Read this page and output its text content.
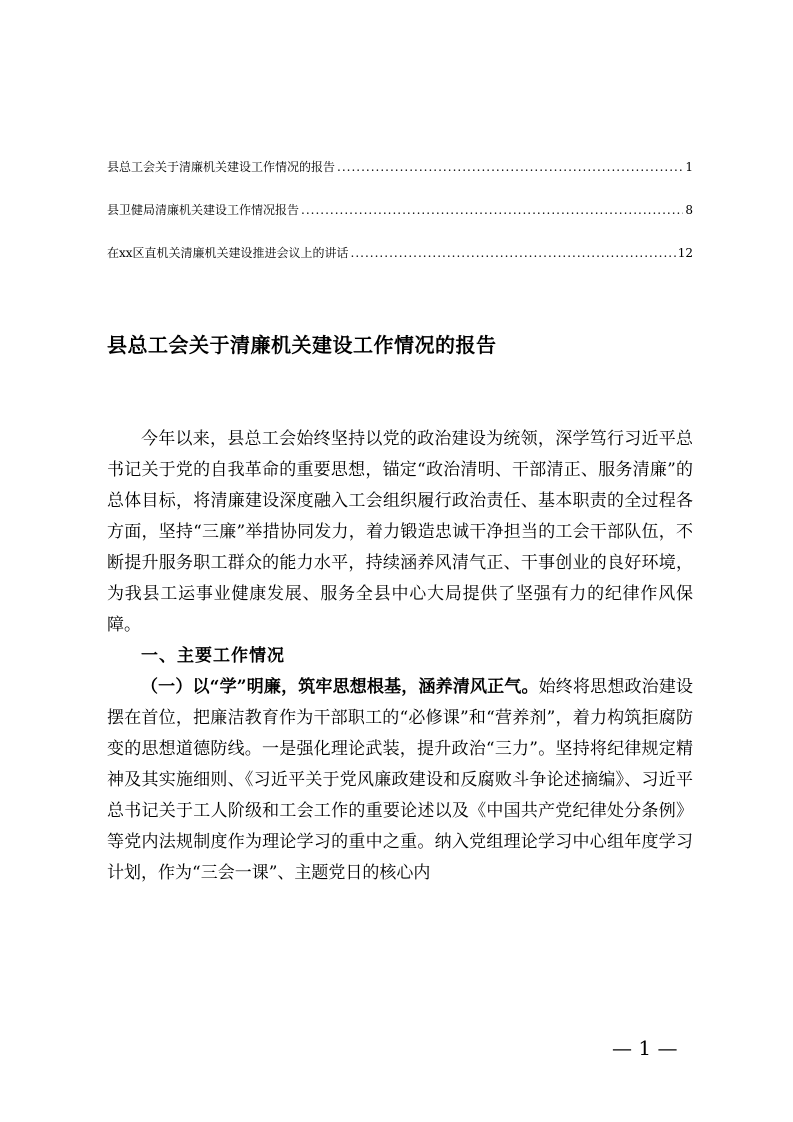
县总工会关于清廉机关建设工作情况的报告 .....	1
县卫健局清廉机关建设工作情况报告 .....	8
在xx区直机关清廉机关建设推进会议上的讲话 .....	12
县总工会关于清廉机关建设工作情况的报告

今年以来，县总工会始终坚持以党的政治建设为统领，深学笃行习近平总书记关于党的自我革命的重要思想，锚定“政治清明、干部清正、服务清廉”的总体目标，将清廉建设深度融入工会组织履行政治责任、基本职责的全过程各方面，坚持“三廉”举措协同发力，着力锻造忠诚干净担当的工会干部队伍，不断提升服务职工群众的能力水平，持续涵养风清气正、干事创业的良好环境，为我县工运事业健康发展、服务全县中心大局提供了坚强有力的纪律作风保障。

一、主要工作情况

（一）以“学”明廉，筑牢思想根基，涵养清风正气。始终将思想政治建设摆在首位，把廉洁教育作为干部职工的“必修课”和“营养剂”，着力构筑拒腐防变的思想道德防线。一是强化理论武装，提升政治“三力”。坚持将纪律规定精神及其实施细则、《习近平关于党风廉政建设和反腐败斗争论述摘编》、习近平总书记关于工人阶级和工会工作的重要论述以及《中国共产党纪律处分条例》等党内法规制度作为理论学习的重中之重。纳入党组理论学习中心组年度学习计划，作为“三会一课”、主题党日的核心内

— 1 —
